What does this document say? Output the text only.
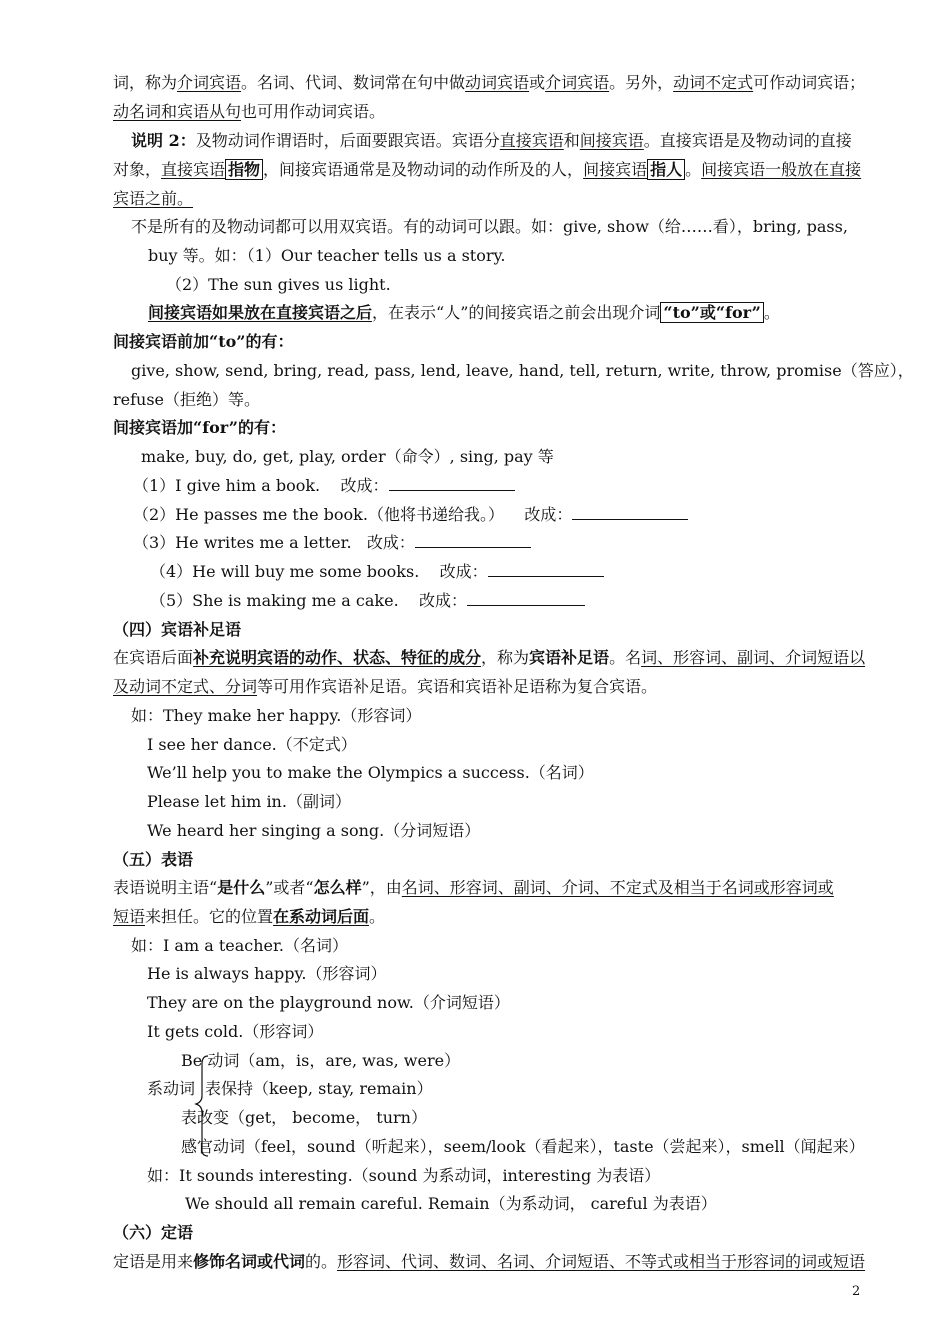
词，称为介词宾语。名词、代词、数词常在句中做动词宾语或介词宾语。另外，动词不定式可作动词宾语；
动名词和宾语从句也可用作动词宾语。
说明 2：及物动词作谓语时，后面要跟宾语。宾语分直接宾语和间接宾语。直接宾语是及物动词的直接
对象，直接宾语 指物 ，间接宾语通常是及物动词的动作所及的人，间接宾语 指人 。间接宾语一般放在直接
宾语之前。
不是所有的及物动词都可以用双宾语。有的动词可以跟。如：give, show（给……看），bring, pass,
buy 等。如：（1）Our teacher tells us a story.
（2）The sun gives us light.
间接宾语如果放在直接宾语之后，在表示“人”的间接宾语之前会出现介词 “to”或“for” 。
间接宾语前加“to”的有：
give, show, send, bring, read, pass, lend, leave, hand, tell, return, write, throw, promise（答应），
refuse（拒绝）等。
间接宾语加“for”的有：
make, buy, do, get, play, order（命令）, sing, pay 等
（1）I give him a book. 改成：
（2）He passes me the book.（他将书递给我。） 改成：
（3）He writes me a letter. 改成：
（4）He will buy me some books. 改成：
（5）She is making me a cake. 改成：
（四）宾语补足语
在宾语后面补充说明宾语的动作、状态、特征的成分，称为宾语补足语。名词、形容词、副词、介词短语以
及动词不定式、分词等可用作宾语补足语。宾语和宾语补足语称为复合宾语。
如：They make her happy.（形容词）
I see her dance.（不定式）
We’ll help you to make the Olympics a success.（名词）
Please let him in.（副词）
We heard her singing a song.（分词短语）
（五）表语
表语说明主语“是什么”或者“怎么样”，由名词、形容词、副词、介词、不定式及相当于名词或形容词或
短语来担任。它的位置在系动词后面。
如：I am a teacher.（名词）
He is always happy.（形容词）
They are on the playground now.（介词短语）
It gets cold.（形容词）
Be 动词（am，is，are, was, were）
系动词 表保持（keep, stay, remain）
表改变（get， become， turn）
感官动词（feel，sound（听起来），seem/look（看起来），taste（尝起来），smell（闻起来）
如：It sounds interesting.（sound 为系动词，interesting 为表语）
We should all remain careful. Remain（为系动词， careful 为表语）
（六）定语
定语是用来修饰名词或代词的。形容词、代词、数词、名词、介词短语、不等式或相当于形容词的词或短语
2
